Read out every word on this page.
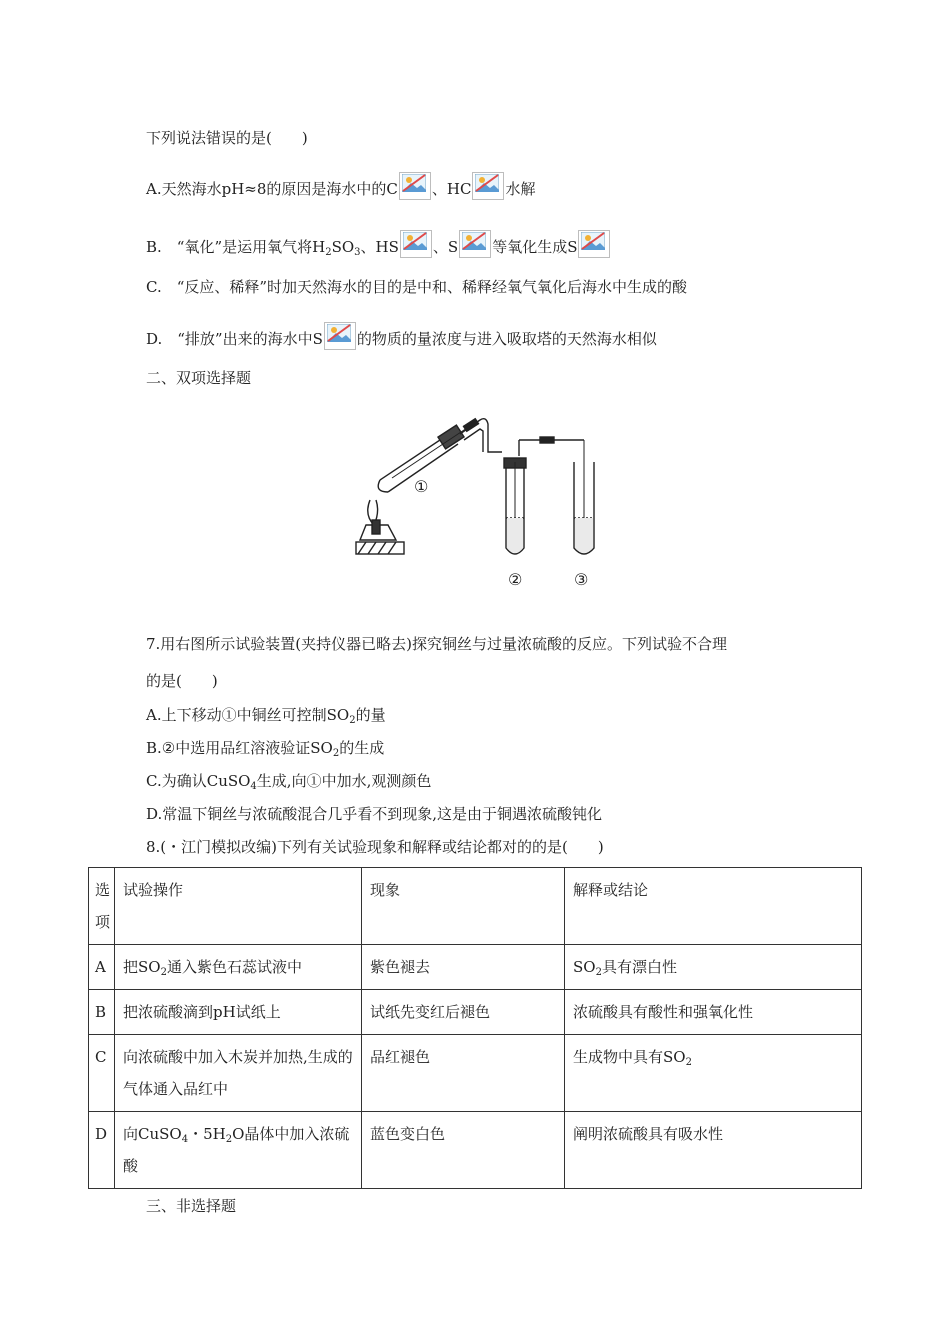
下列说法错误的是(　　)
A.天然海水pH≈8的原因是海水中的C 、HC 水解
B.　“氧化”是运用氧气将$H_2SO_3$、HS 、S 等氧化生成S
C.　“反应、稀释”时加天然海水的目的是中和、稀释经氧气氧化后海水中生成的酸
D.　“排放”出来的海水中S 的物质的量浓度与进入吸取塔的天然海水相似
二、双项选择题
①
②	③
7.用右图所示试验装置(夹持仪器已略去)探究铜丝与过量浓硫酸的反应。下列试验不合理
的是(　　)
A.上下移动①中铜丝可控制$SO_2$的量
B.②中选用品红溶液验证$SO_2$的生成
C.为确认CuSO$_4$生成,向①中加水,观测颜色
D.常温下铜丝与浓硫酸混合几乎看不到现象,这是由于铜遇浓硫酸钝化
8.(・江门模拟改编)下列有关试验现象和解释或结论都对的的是(　　)
选项	试验操作	现象	解释或结论
A	把$SO_2$通入紫色石蕊试液中	紫色褪去	$SO_2$具有漂白性
B	把浓硫酸滴到pH试纸上	试纸先变红后褪色	浓硫酸具有酸性和强氧化性
C	向浓硫酸中加入木炭并加热,生成的气体通入品红中	品红褪色	生成物中具有$SO_2$
D	向CuSO$_4$・$5H_2O$晶体中加入浓硫酸	蓝色变白色	阐明浓硫酸具有吸水性
三、非选择题
